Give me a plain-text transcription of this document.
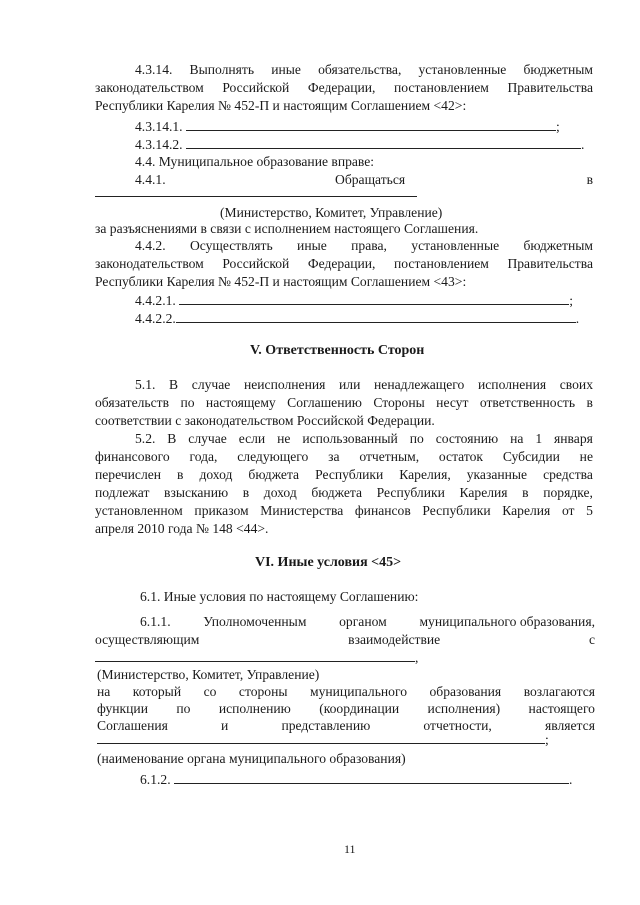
4.3.14. Выполнять иные обязательства, установленные бюджетным
законодательством Российской Федерации, постановлением Правительства
Республики Карелия № 452-П и настоящим Соглашением <42>:
4.3.14.1.	;
4.3.14.2.	.
4.4. Муниципальное образование вправе:
4.4.1.	Обращаться	в
(Министерство, Комитет, Управление)
за разъяснениями в связи с исполнением настоящего Соглашения.
4.4.2. Осуществлять иные права, установленные бюджетным
законодательством Российской Федерации, постановлением Правительства
Республики Карелия № 452-П и настоящим Соглашением <43>:
4.4.2.1.	;
4.4.2.2.	.
V. Ответственность Сторон
5.1. В случае неисполнения или ненадлежащего исполнения своих
обязательств по настоящему Соглашению Стороны несут ответственность в
соответствии с законодательством Российской Федерации.
5.2. В случае если не использованный по состоянию на 1 января
финансового года, следующего за отчетным, остаток Субсидии не
перечислен в доход бюджета Республики Карелия, указанные средства
подлежат взысканию в доход бюджета Республики Карелия в порядке,
установленном приказом Министерства финансов Республики Карелия от 5
апреля 2010 года № 148 <44>.
VI. Иные условия <45>
6.1. Иные условия по настоящему Соглашению:
6.1.1. Уполномоченным органом муниципального образования,
осуществляющим	взаимодействие	с
,
(Министерство, Комитет, Управление)
на который со стороны муниципального образования возлагаются
функции по исполнению (координации исполнения) настоящего
Соглашения	и	представлению	отчетности,	является
;
(наименование органа муниципального образования)
6.1.2.	.
11
